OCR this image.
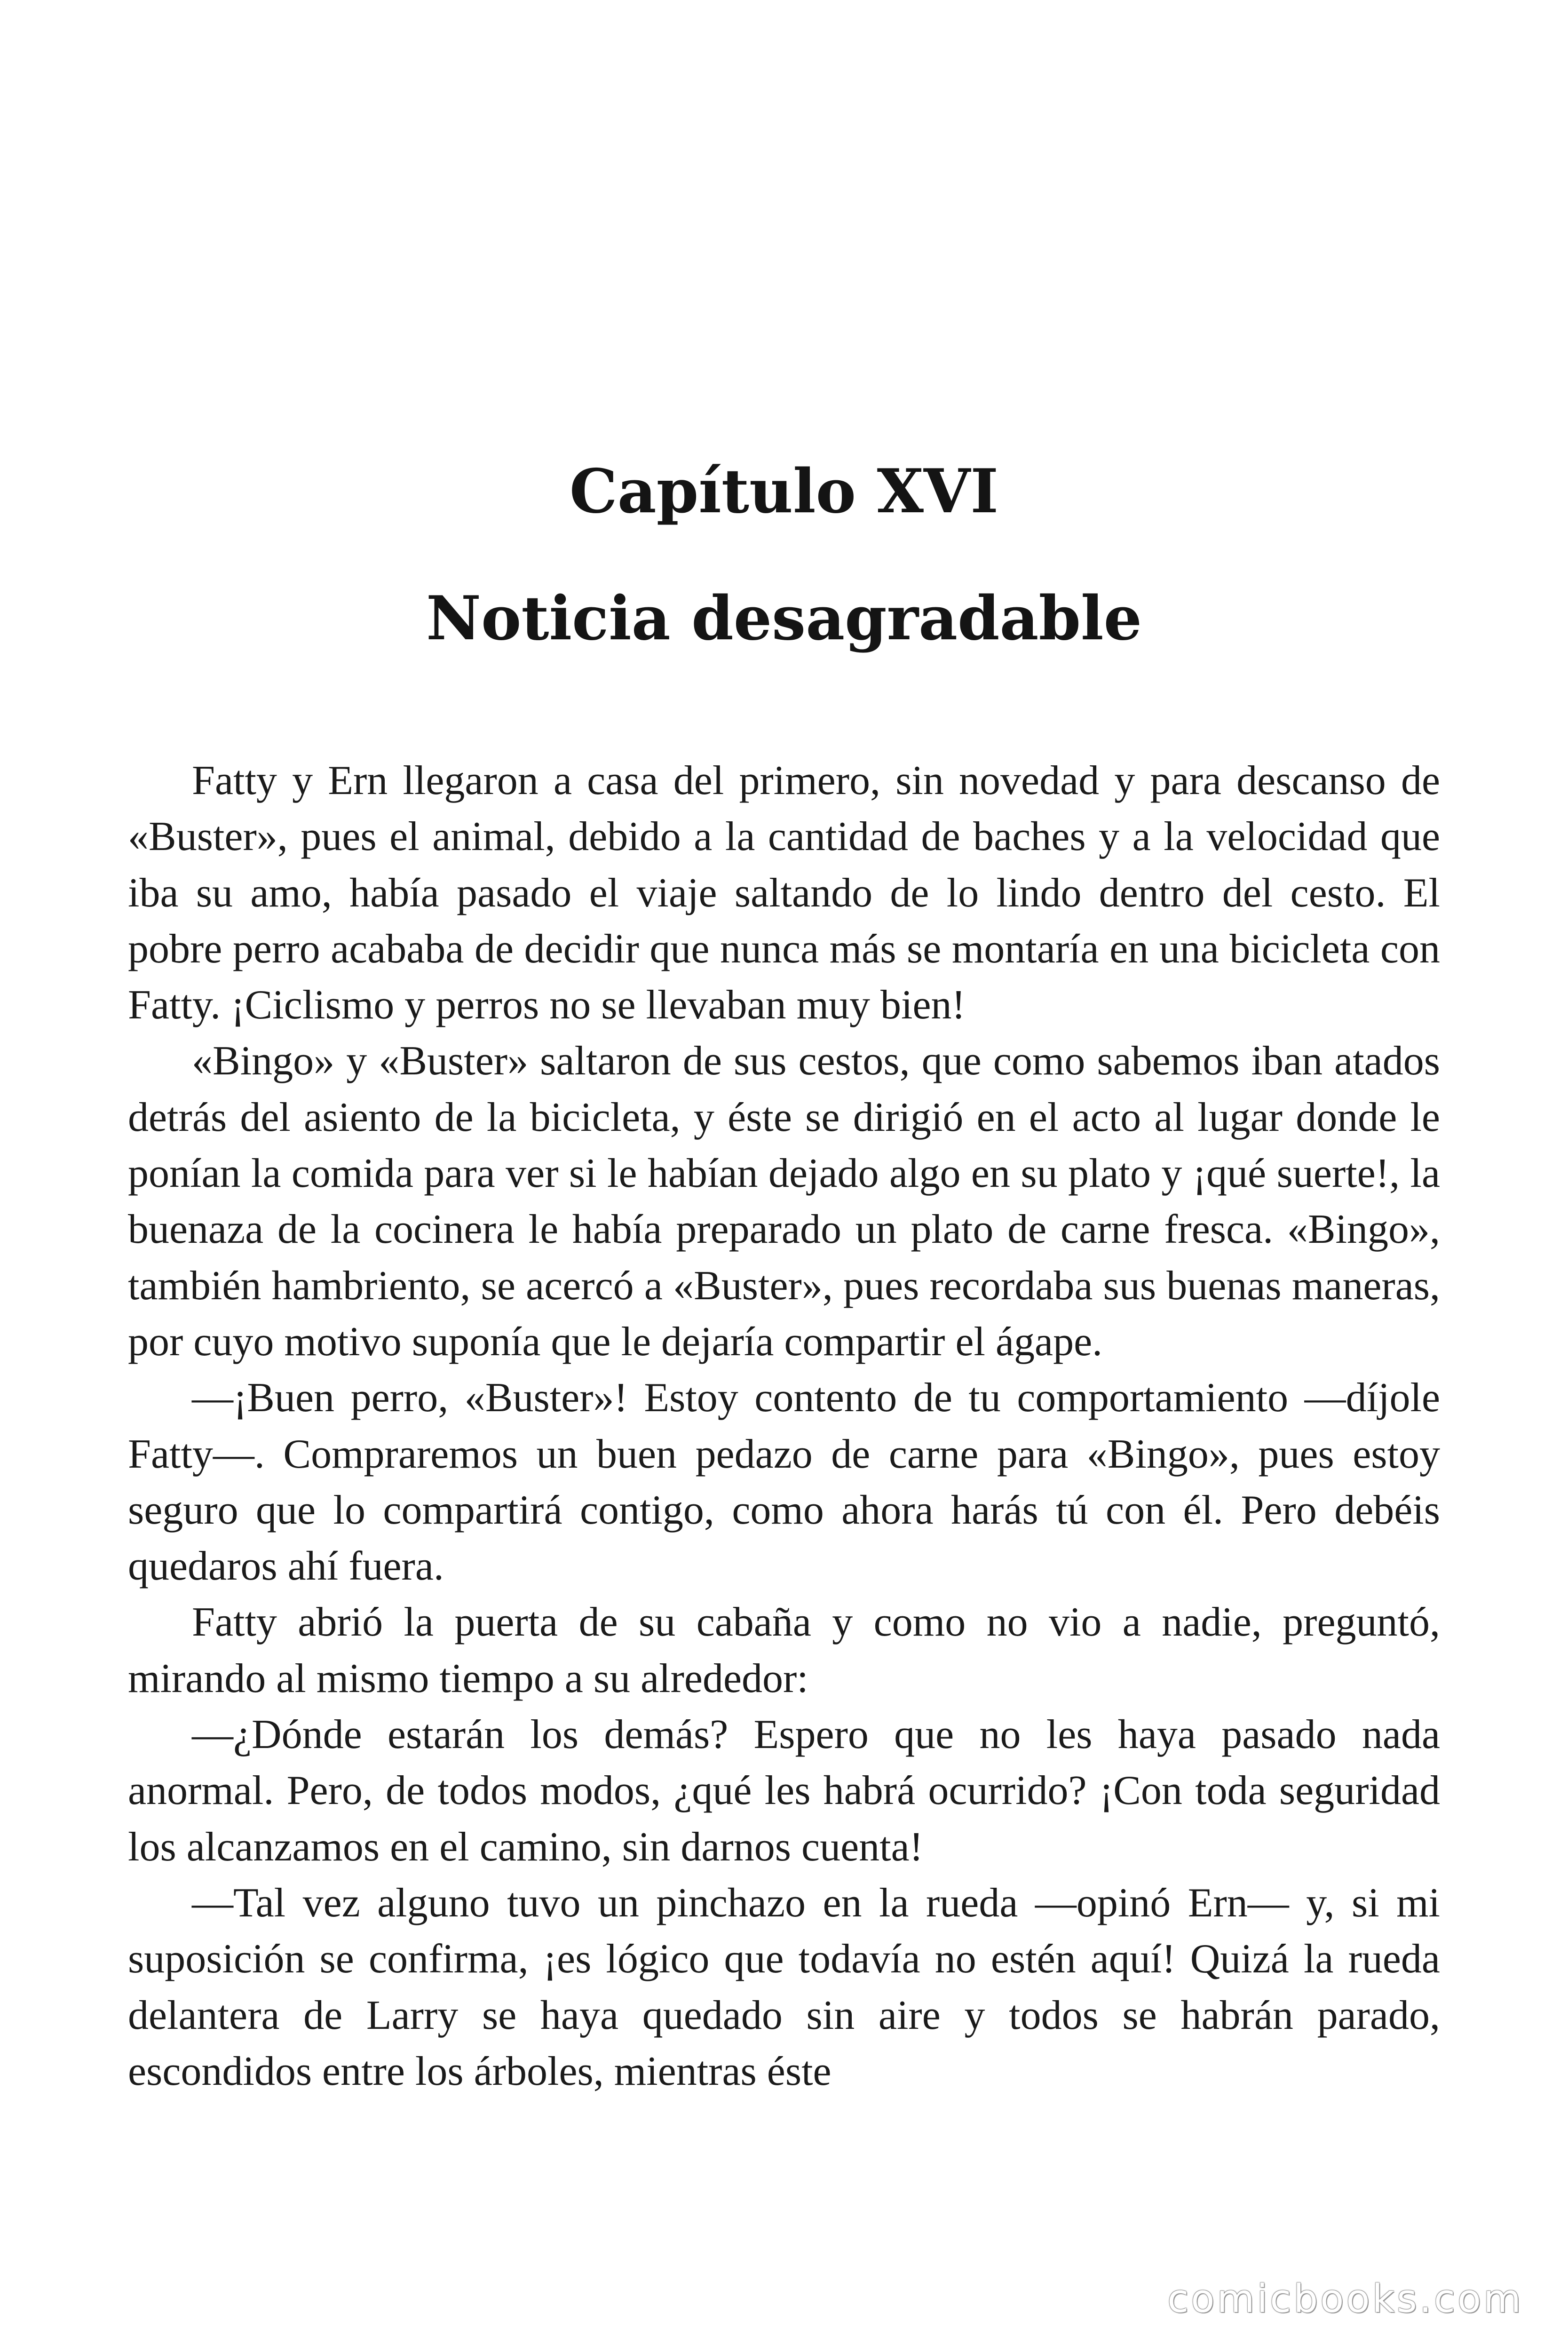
Capítulo XVI
Noticia desagradable

Fatty y Ern llegaron a casa del primero, sin novedad y para descanso de «Buster», pues el animal, debido a la cantidad de baches y a la velocidad que iba su amo, había pasado el viaje saltando de lo lindo dentro del cesto. El pobre perro acababa de decidir que nunca más se montaría en una bicicleta con Fatty. ¡Ciclismo y perros no se llevaban muy bien!

«Bingo» y «Buster» saltaron de sus cestos, que como sabemos iban atados detrás del asiento de la bicicleta, y éste se dirigió en el acto al lugar donde le ponían la comida para ver si le habían dejado algo en su plato y ¡qué suerte!, la buenaza de la cocinera le había preparado un plato de carne fresca. «Bingo», también hambriento, se acercó a «Buster», pues recordaba sus buenas maneras, por cuyo motivo suponía que le dejaría compartir el ágape.

—¡Buen perro, «Buster»! Estoy contento de tu comportamiento —díjole Fatty—. Compraremos un buen pedazo de carne para «Bingo», pues estoy seguro que lo compartirá contigo, como ahora harás tú con él. Pero debéis quedaros ahí fuera.

Fatty abrió la puerta de su cabaña y como no vio a nadie, preguntó, mirando al mismo tiempo a su alrededor:

—¿Dónde estarán los demás? Espero que no les haya pasado nada anormal. Pero, de todos modos, ¿qué les habrá ocurrido? ¡Con toda seguridad los alcanzamos en el camino, sin darnos cuenta!

—Tal vez alguno tuvo un pinchazo en la rueda —opinó Ern— y, si mi suposición se confirma, ¡es lógico que todavía no estén aquí! Quizá la rueda delantera de Larry se haya quedado sin aire y todos se habrán parado, escondidos entre los árboles, mientras éste

comicbooks.com
